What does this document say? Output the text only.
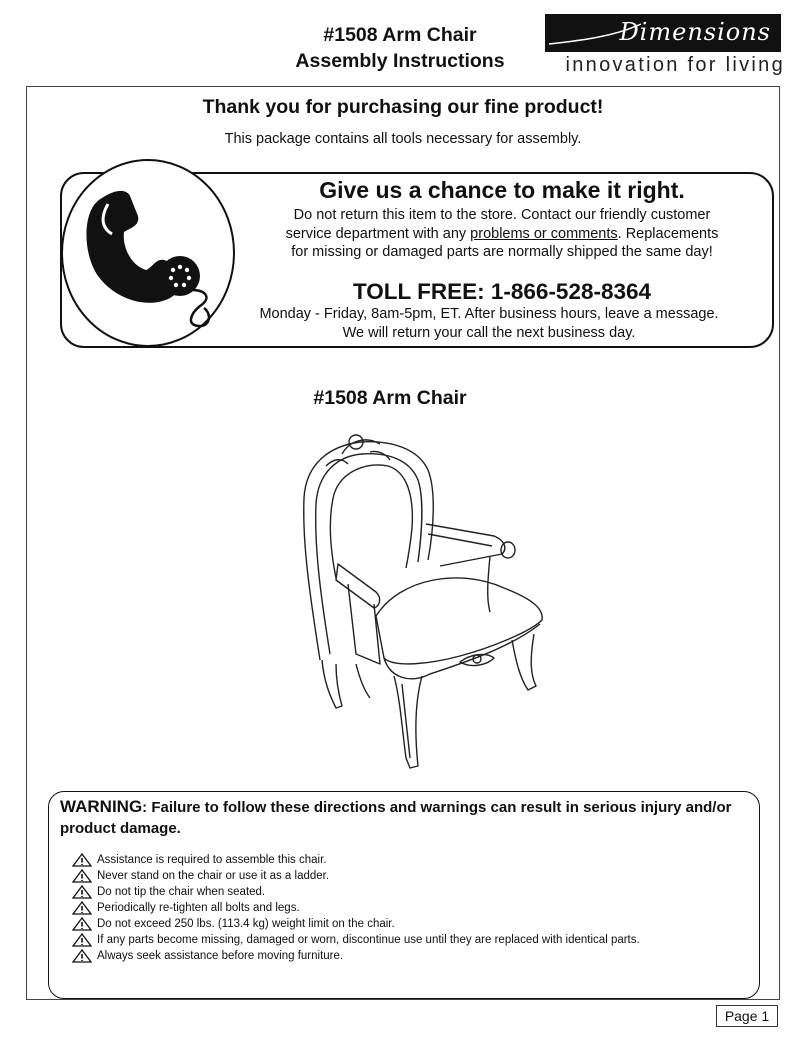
#1508 Arm Chair
Assembly Instructions
Dimensions
innovation for living
Thank you for purchasing our fine product!
This package contains all tools necessary for assembly.
Give us a chance to make it right.
Do not return this item to the store. Contact our friendly customer
service department with any problems or comments. Replacements
for missing or damaged parts are normally shipped the same day!
TOLL FREE: 1-866-528-8364
Monday - Friday, 8am-5pm, ET. After business hours, leave a message.
We will return your call the next business day.
#1508 Arm Chair
WARNING: Failure to follow these directions and warnings can result in serious injury and/or product damage.
Assistance is required to assemble this chair.
Never stand on the chair or use it as a ladder.
Do not tip the chair when seated.
Periodically re-tighten all bolts and legs.
Do not exceed 250 lbs. (113.4 kg) weight limit on the chair.
If any parts become missing, damaged or worn, discontinue use until they are replaced with identical parts.
Always seek assistance before moving furniture.
Page 1
